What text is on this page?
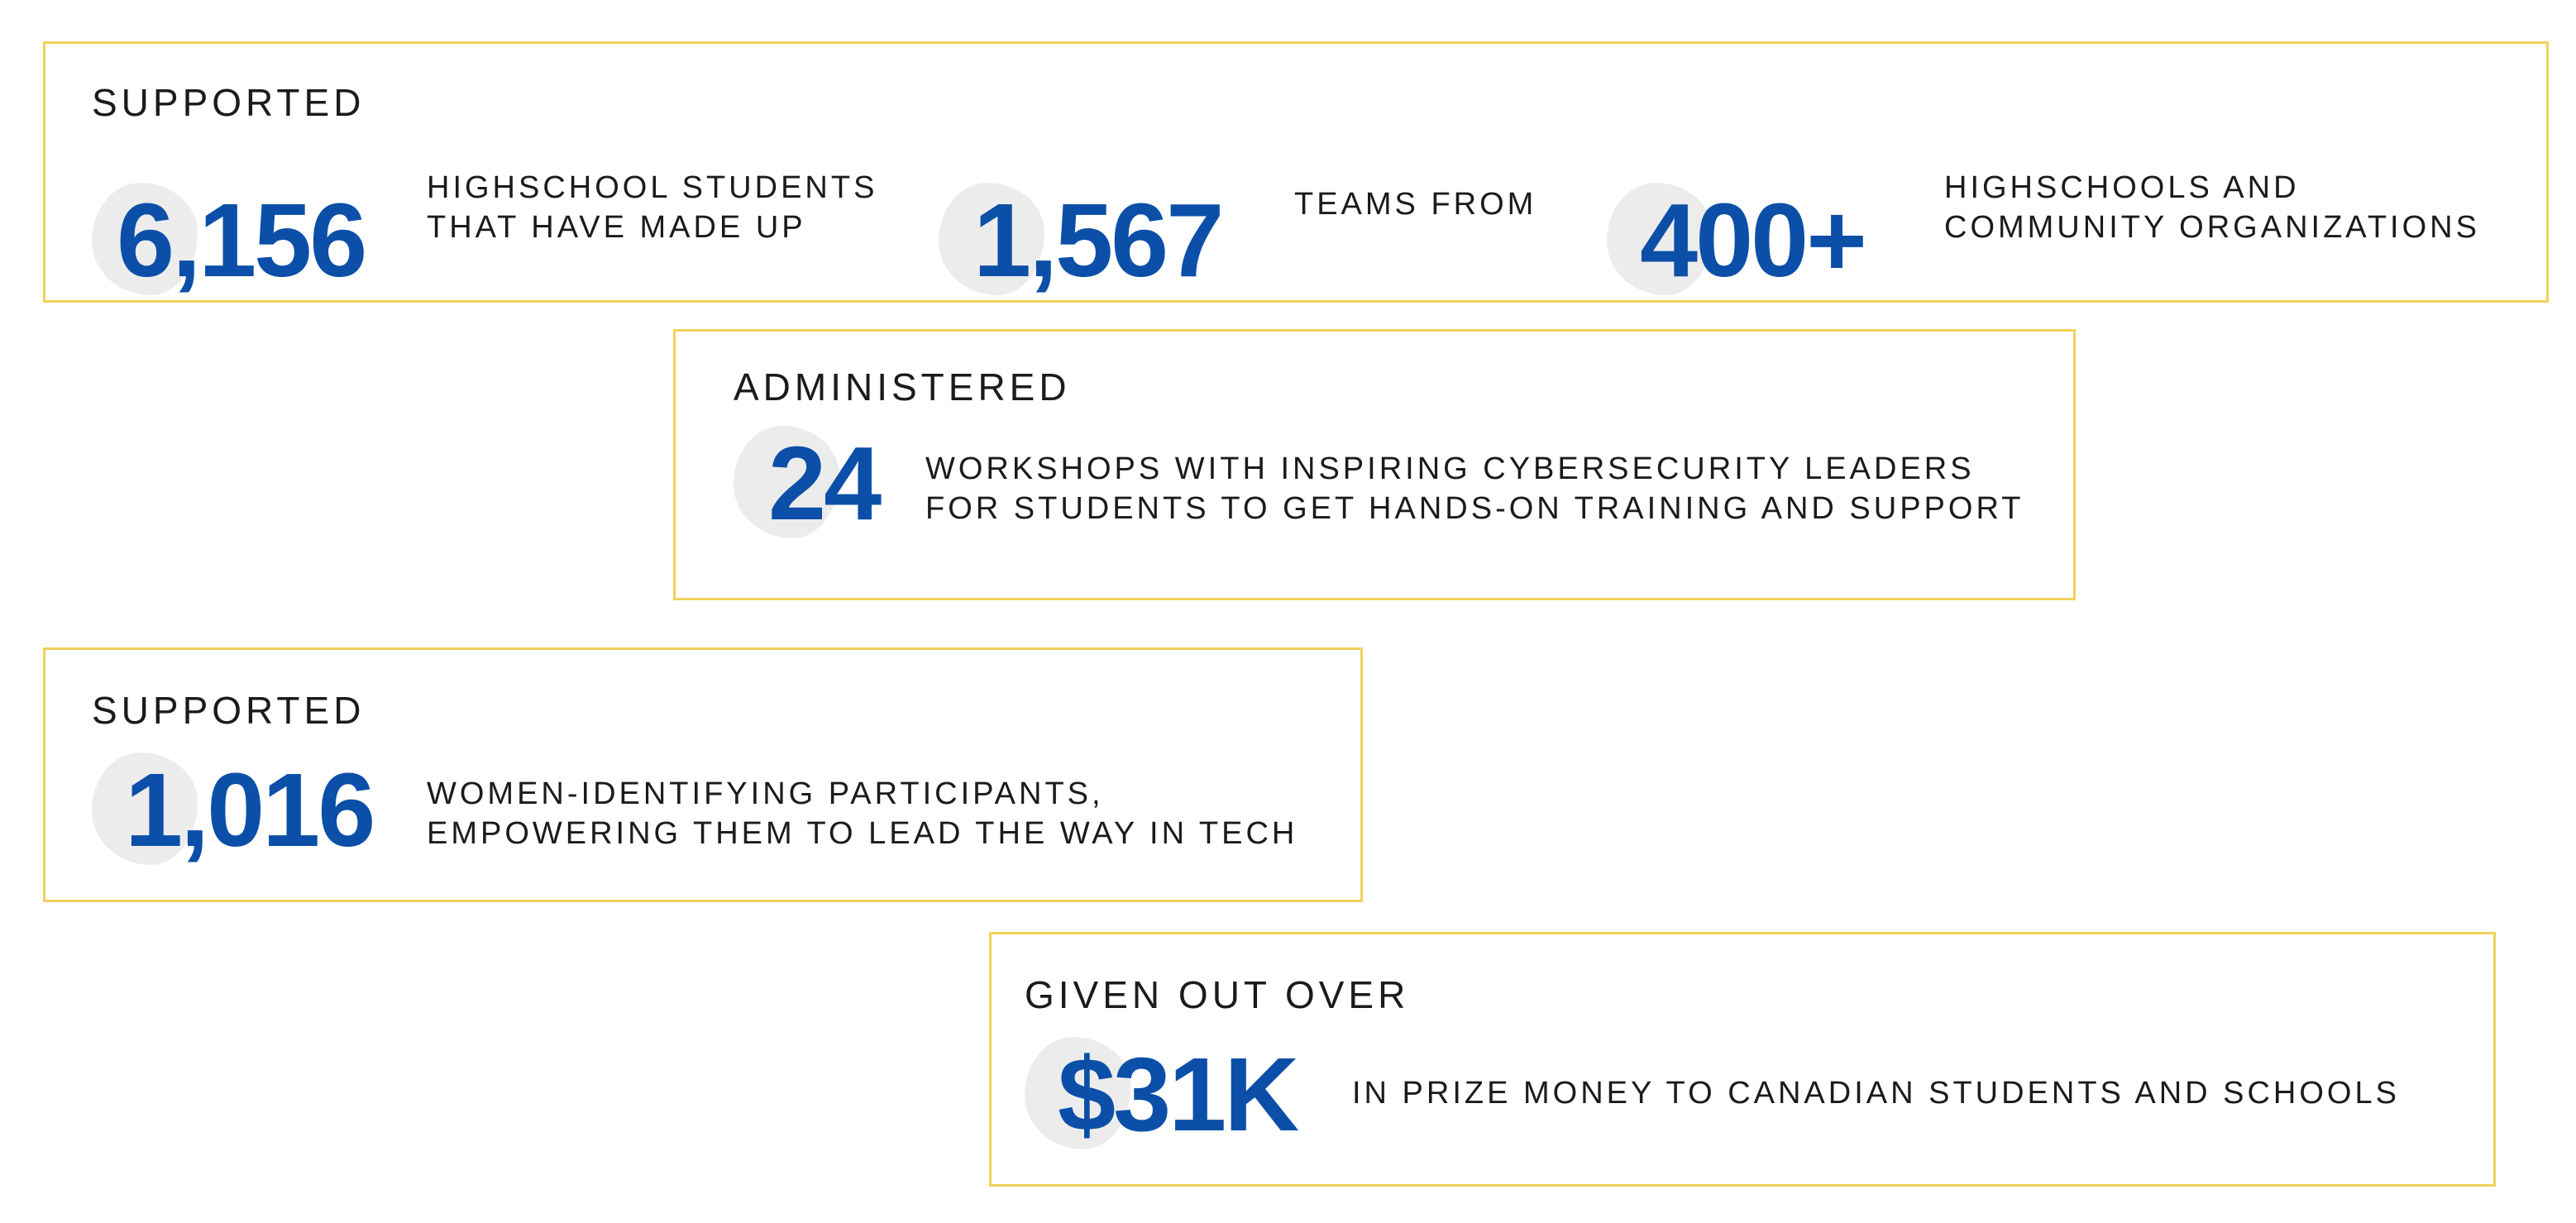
SUPPORTED
6,156 HIGHSCHOOL STUDENTS
THAT HAVE MADE UP	1,567 TEAMS FROM 400+	HIGHSCHOOLS AND
COMMUNITY ORGANIZATIONS
ADMINISTERED
24 WORKSHOPS WITH INSPIRING CYBERSECURITY LEADERS
FOR STUDENTS TO GET HANDS-ON TRAINING AND SUPPORT
SUPPORTED
1,016 WOMEN-IDENTIFYING PARTICIPANTS,
EMPOWERING THEM TO LEAD THE WAY IN TECH
GIVEN OUT OVER
$31K IN PRIZE MONEY TO CANADIAN STUDENTS AND SCHOOLS
